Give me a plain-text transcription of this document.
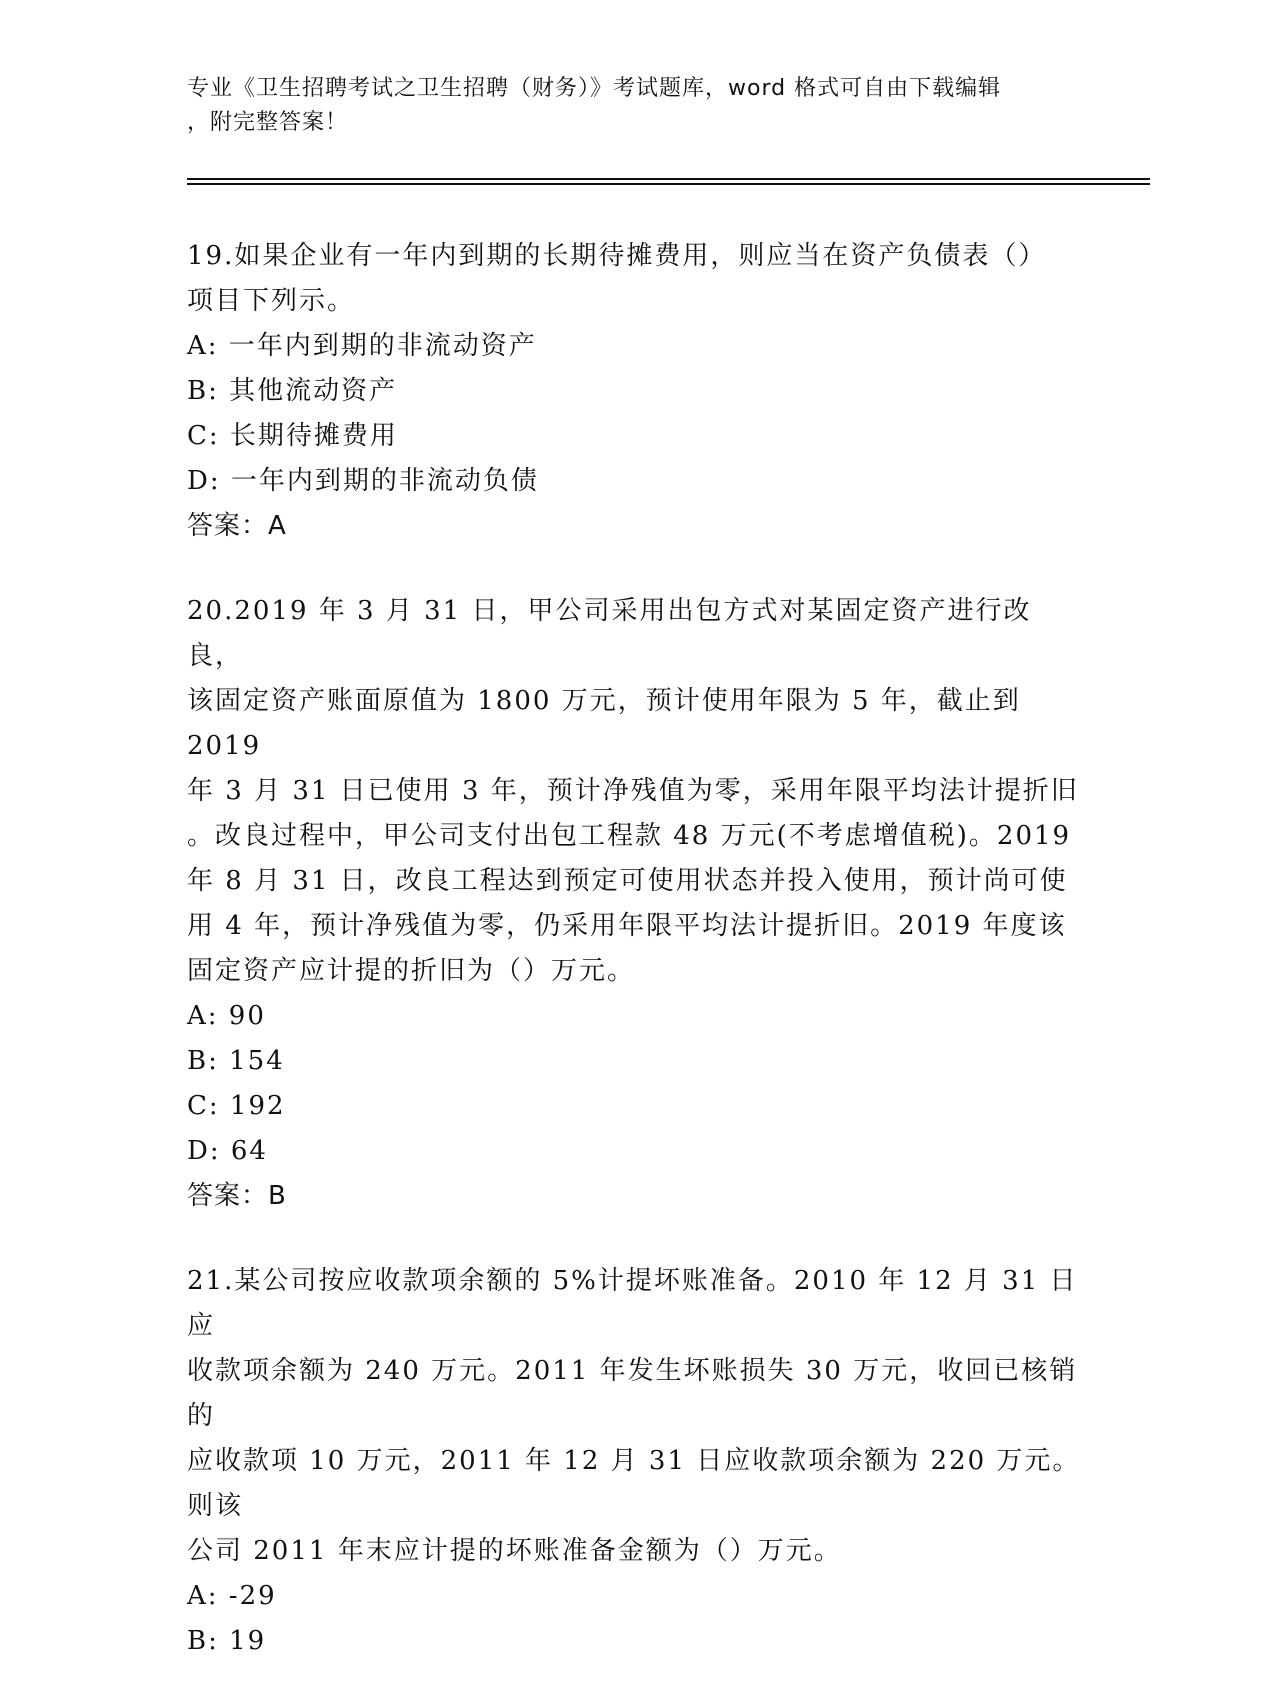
专业《卫生招聘考试之卫生招聘（财务）》考试题库，word 格式可自由下载编辑
，附完整答案！

19.如果企业有一年内到期的长期待摊费用，则应当在资产负债表（）

项目下列示。

A: 一年内到期的非流动资产

B: 其他流动资产

C: 长期待摊费用

D: 一年内到期的非流动负债

答案：A

20.2019 年 3 月 31 日，甲公司采用出包方式对某固定资产进行改良，

该固定资产账面原值为 1800 万元，预计使用年限为 5 年，截止到 2019

年 3 月 31 日已使用 3 年，预计净残值为零，采用年限平均法计提折旧

。改良过程中，甲公司支付出包工程款 48 万元(不考虑增值税)。2019

年 8 月 31 日，改良工程达到预定可使用状态并投入使用，预计尚可使

用 4 年，预计净残值为零，仍采用年限平均法计提折旧。2019 年度该

固定资产应计提的折旧为（）万元。

A: 90

B: 154

C: 192

D: 64

答案：B

21.某公司按应收款项余额的 5%计提坏账准备。2010 年 12 月 31 日应

收款项余额为 240 万元。2011 年发生坏账损失 30 万元，收回已核销的

应收款项 10 万元，2011 年 12 月 31 日应收款项余额为 220 万元。则该

公司 2011 年末应计提的坏账准备金额为（）万元。

A: -29

B: 19
